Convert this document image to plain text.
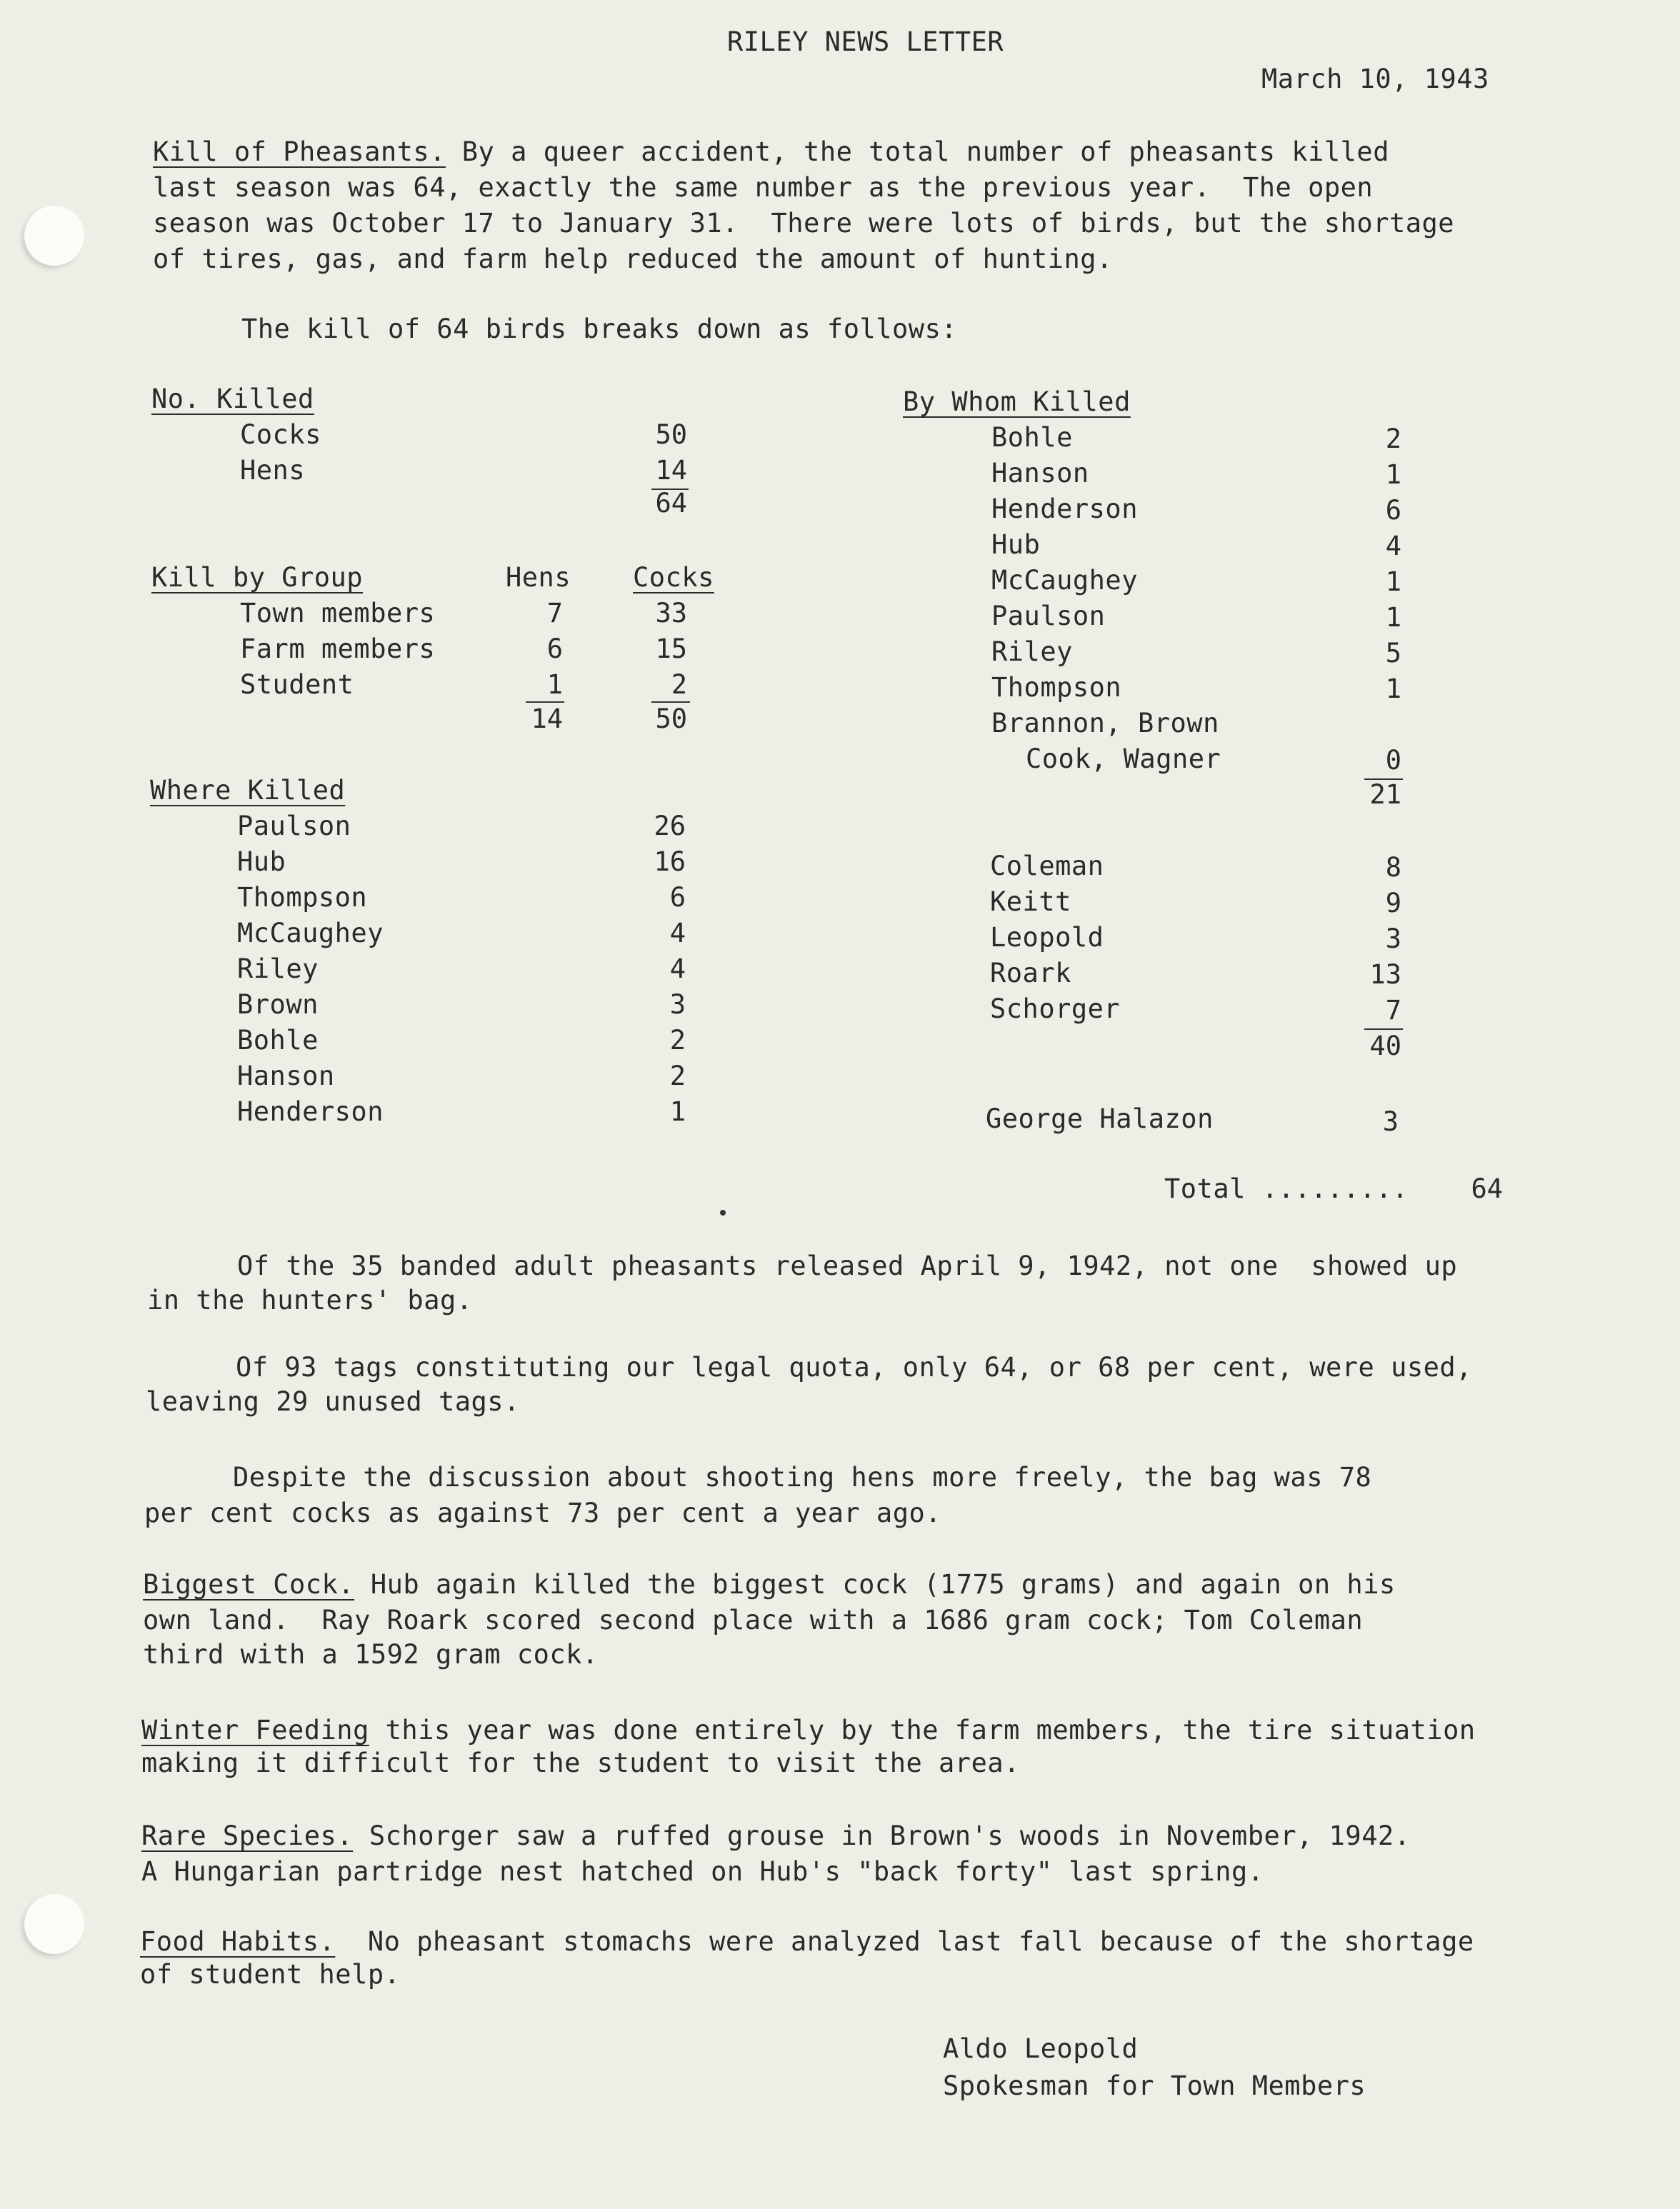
RILEY NEWS LETTER
March 10, 1943
Kill of Pheasants. By a queer accident, the total number of pheasants killed
last season was 64, exactly the same number as the previous year.  The open
season was October 17 to January 31.  There were lots of birds, but the shortage
of tires, gas, and farm help reduced the amount of hunting.
The kill of 64 birds breaks down as follows:
No. Killed
Cocks	50
Hens	14
64
Kill by Group	Hens Cocks
Town members	7	33
Farm members	6	15
Student	1	2
14	50
Where Killed
Paulson	26
Hub	16
Thompson	6
McCaughey	4
Riley	4
Brown	3
Bohle	2
Hanson	2
Henderson	1
By Whom Killed
Bohle	2
Hanson	1
Henderson	6
Hub	4
McCaughey	1
Paulson	1
Riley	5
Thompson	1
Brannon, Brown
Cook, Wagner	0
21
Coleman	8
Keitt	9
Leopold	3
Roark	13
Schorger	7
40
George Halazon	3
Total .........	64
Of the 35 banded adult pheasants released April 9, 1942, not one  showed up
in the hunters' bag.
Of 93 tags constituting our legal quota, only 64, or 68 per cent, were used,
leaving 29 unused tags.
Despite the discussion about shooting hens more freely, the bag was 78
per cent cocks as against 73 per cent a year ago.
Biggest Cock. Hub again killed the biggest cock (1775 grams) and again on his
own land.  Ray Roark scored second place with a 1686 gram cock; Tom Coleman
third with a 1592 gram cock.
Winter Feeding this year was done entirely by the farm members, the tire situation
making it difficult for the student to visit the area.
Rare Species. Schorger saw a ruffed grouse in Brown's woods in November, 1942.
A Hungarian partridge nest hatched on Hub's "back forty" last spring.
Food Habits.  No pheasant stomachs were analyzed last fall because of the shortage
of student help.
Aldo Leopold
Spokesman for Town Members
